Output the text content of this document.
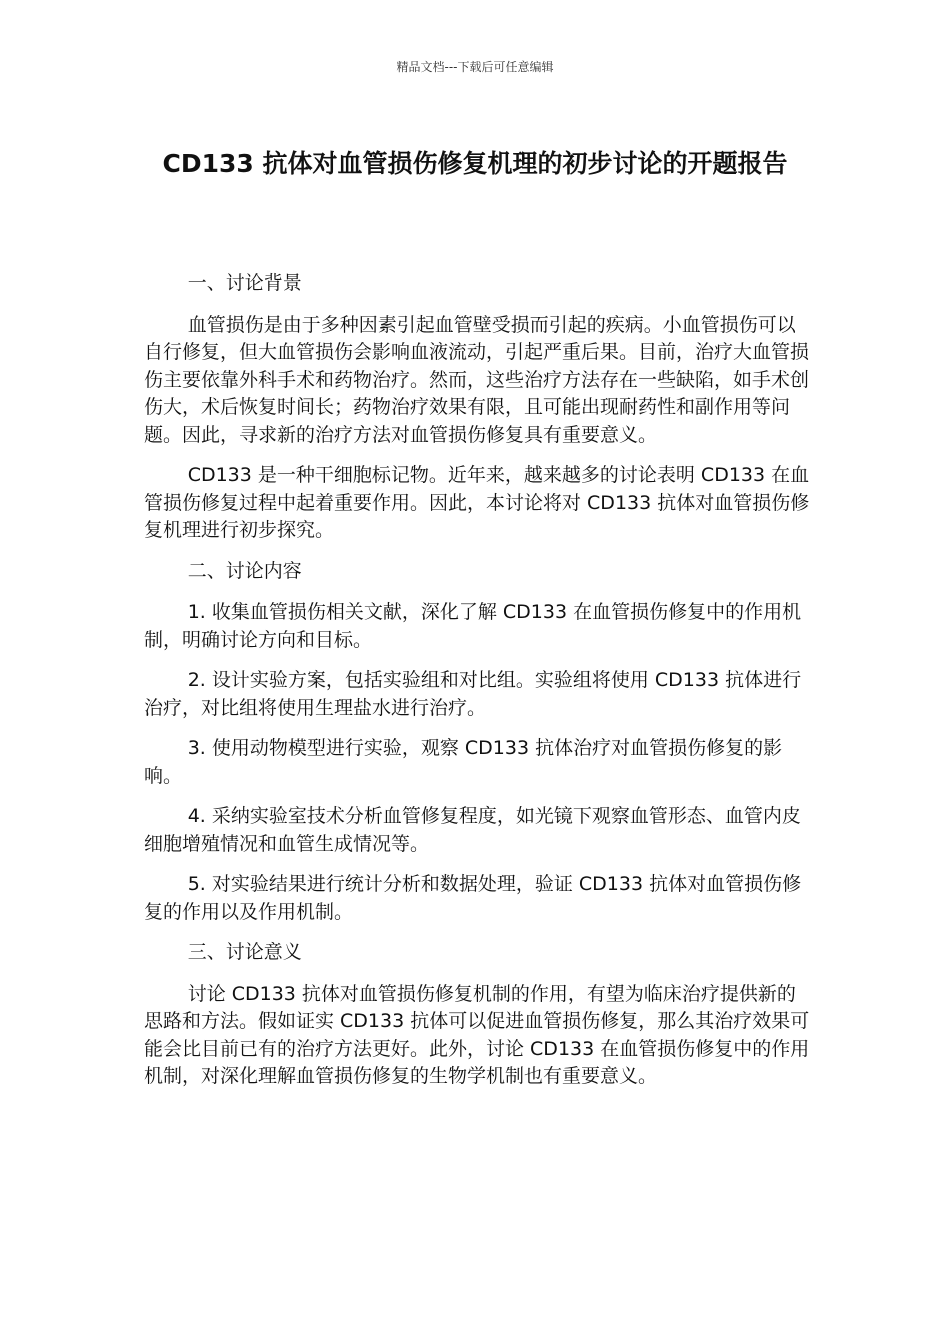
精品文档---下载后可任意编辑
CD133 抗体对血管损伤修复机理的初步讨论的开题报告

一、讨论背景

血管损伤是由于多种因素引起血管壁受损而引起的疾病。小血管损伤可以自行修复，但大血管损伤会影响血液流动，引起严重后果。目前，治疗大血管损伤主要依靠外科手术和药物治疗。然而，这些治疗方法存在一些缺陷，如手术创伤大，术后恢复时间长；药物治疗效果有限，且可能出现耐药性和副作用等问题。因此，寻求新的治疗方法对血管损伤修复具有重要意义。

CD133 是一种干细胞标记物。近年来，越来越多的讨论表明 CD133 在血管损伤修复过程中起着重要作用。因此，本讨论将对 CD133 抗体对血管损伤修复机理进行初步探究。

二、讨论内容

1. 收集血管损伤相关文献，深化了解 CD133 在血管损伤修复中的作用机制，明确讨论方向和目标。

2. 设计实验方案，包括实验组和对比组。实验组将使用 CD133 抗体进行治疗，对比组将使用生理盐水进行治疗。

3. 使用动物模型进行实验，观察 CD133 抗体治疗对血管损伤修复的影响。

4. 采纳实验室技术分析血管修复程度，如光镜下观察血管形态、血管内皮细胞增殖情况和血管生成情况等。

5. 对实验结果进行统计分析和数据处理，验证 CD133 抗体对血管损伤修复的作用以及作用机制。

三、讨论意义

讨论 CD133 抗体对血管损伤修复机制的作用，有望为临床治疗提供新的思路和方法。假如证实 CD133 抗体可以促进血管损伤修复，那么其治疗效果可能会比目前已有的治疗方法更好。此外，讨论 CD133 在血管损伤修复中的作用机制，对深化理解血管损伤修复的生物学机制也有重要意义。
